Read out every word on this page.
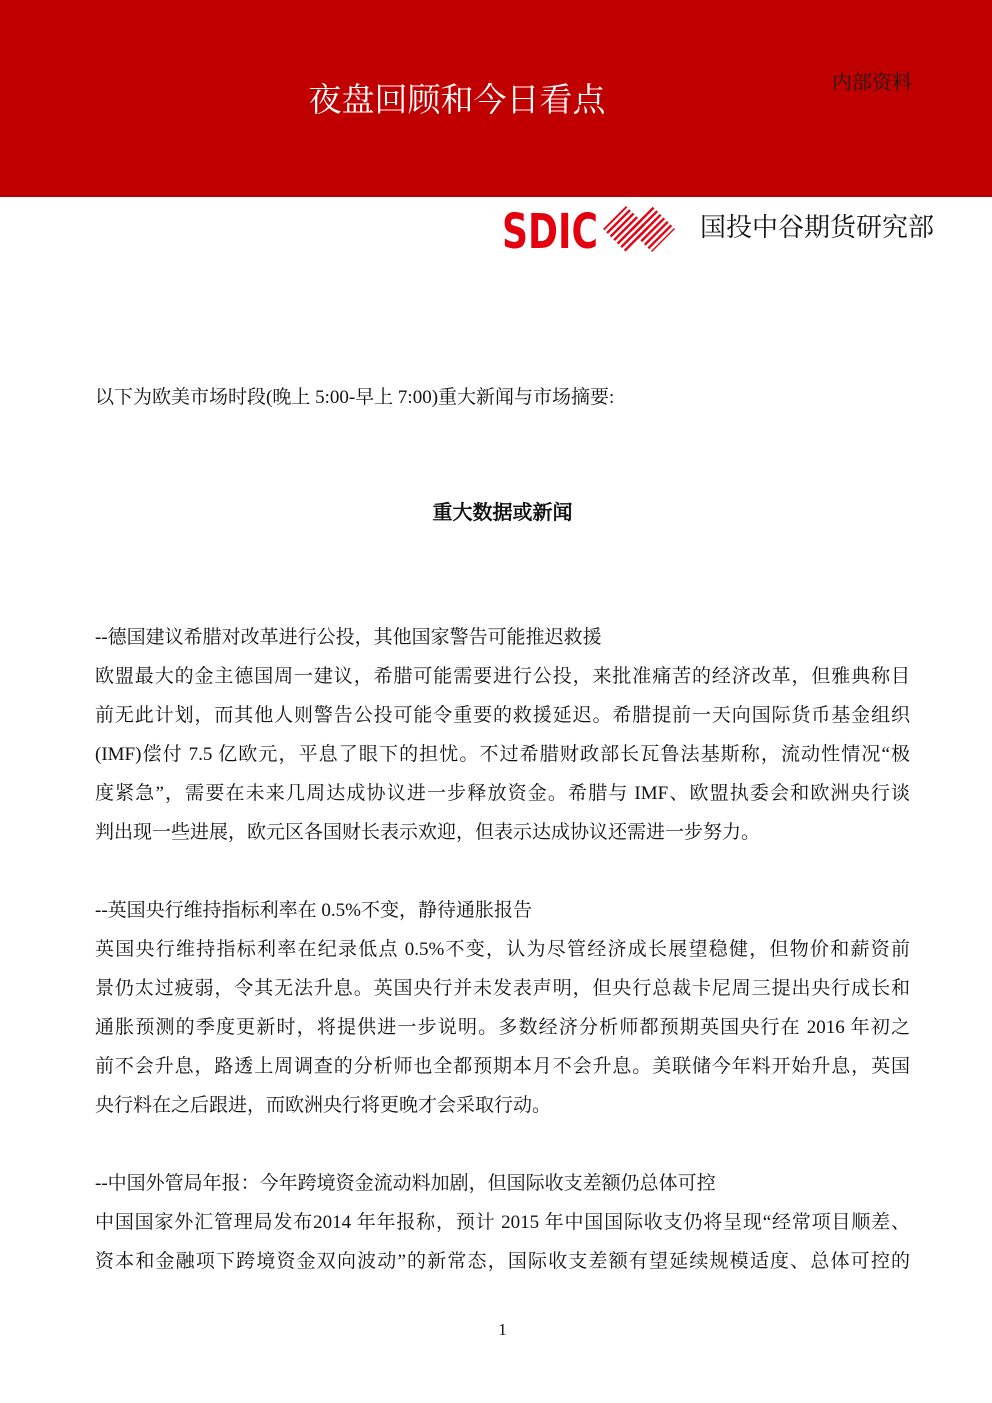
夜盘回顾和今日看点	内部资料
SDIC	国投中谷期货研究部
以下为欧美市场时段(晚上 5:00-早上 7:00)重大新闻与市场摘要:
重大数据或新闻
--德国建议希腊对改革进行公投，其他国家警告可能推迟救援
欧盟最大的金主德国周一建议，希腊可能需要进行公投，来批准痛苦的经济改革，但雅典称目
前无此计划，而其他人则警告公投可能令重要的救援延迟。希腊提前一天向国际货币基金组织
(IMF)偿付 7.5 亿欧元，平息了眼下的担忧。不过希腊财政部长瓦鲁法基斯称，流动性情况“极
度紧急”，需要在未来几周达成协议进一步释放资金。希腊与 IMF、欧盟执委会和欧洲央行谈
判出现一些进展，欧元区各国财长表示欢迎，但表示达成协议还需进一步努力。
--英国央行维持指标利率在 0.5%不变，静待通胀报告
英国央行维持指标利率在纪录低点 0.5%不变，认为尽管经济成长展望稳健，但物价和薪资前
景仍太过疲弱，令其无法升息。英国央行并未发表声明，但央行总裁卡尼周三提出央行成长和
通胀预测的季度更新时，将提供进一步说明。多数经济分析师都预期英国央行在 2016 年初之
前不会升息，路透上周调查的分析师也全都预期本月不会升息。美联储今年料开始升息，英国
央行料在之后跟进，而欧洲央行将更晚才会采取行动。
--中国外管局年报：今年跨境资金流动料加剧，但国际收支差额仍总体可控
中国国家外汇管理局发布2014 年年报称，预计 2015 年中国国际收支仍将呈现“经常项目顺差、
资本和金融项下跨境资金双向波动”的新常态，国际收支差额有望延续规模适度、总体可控的
1
